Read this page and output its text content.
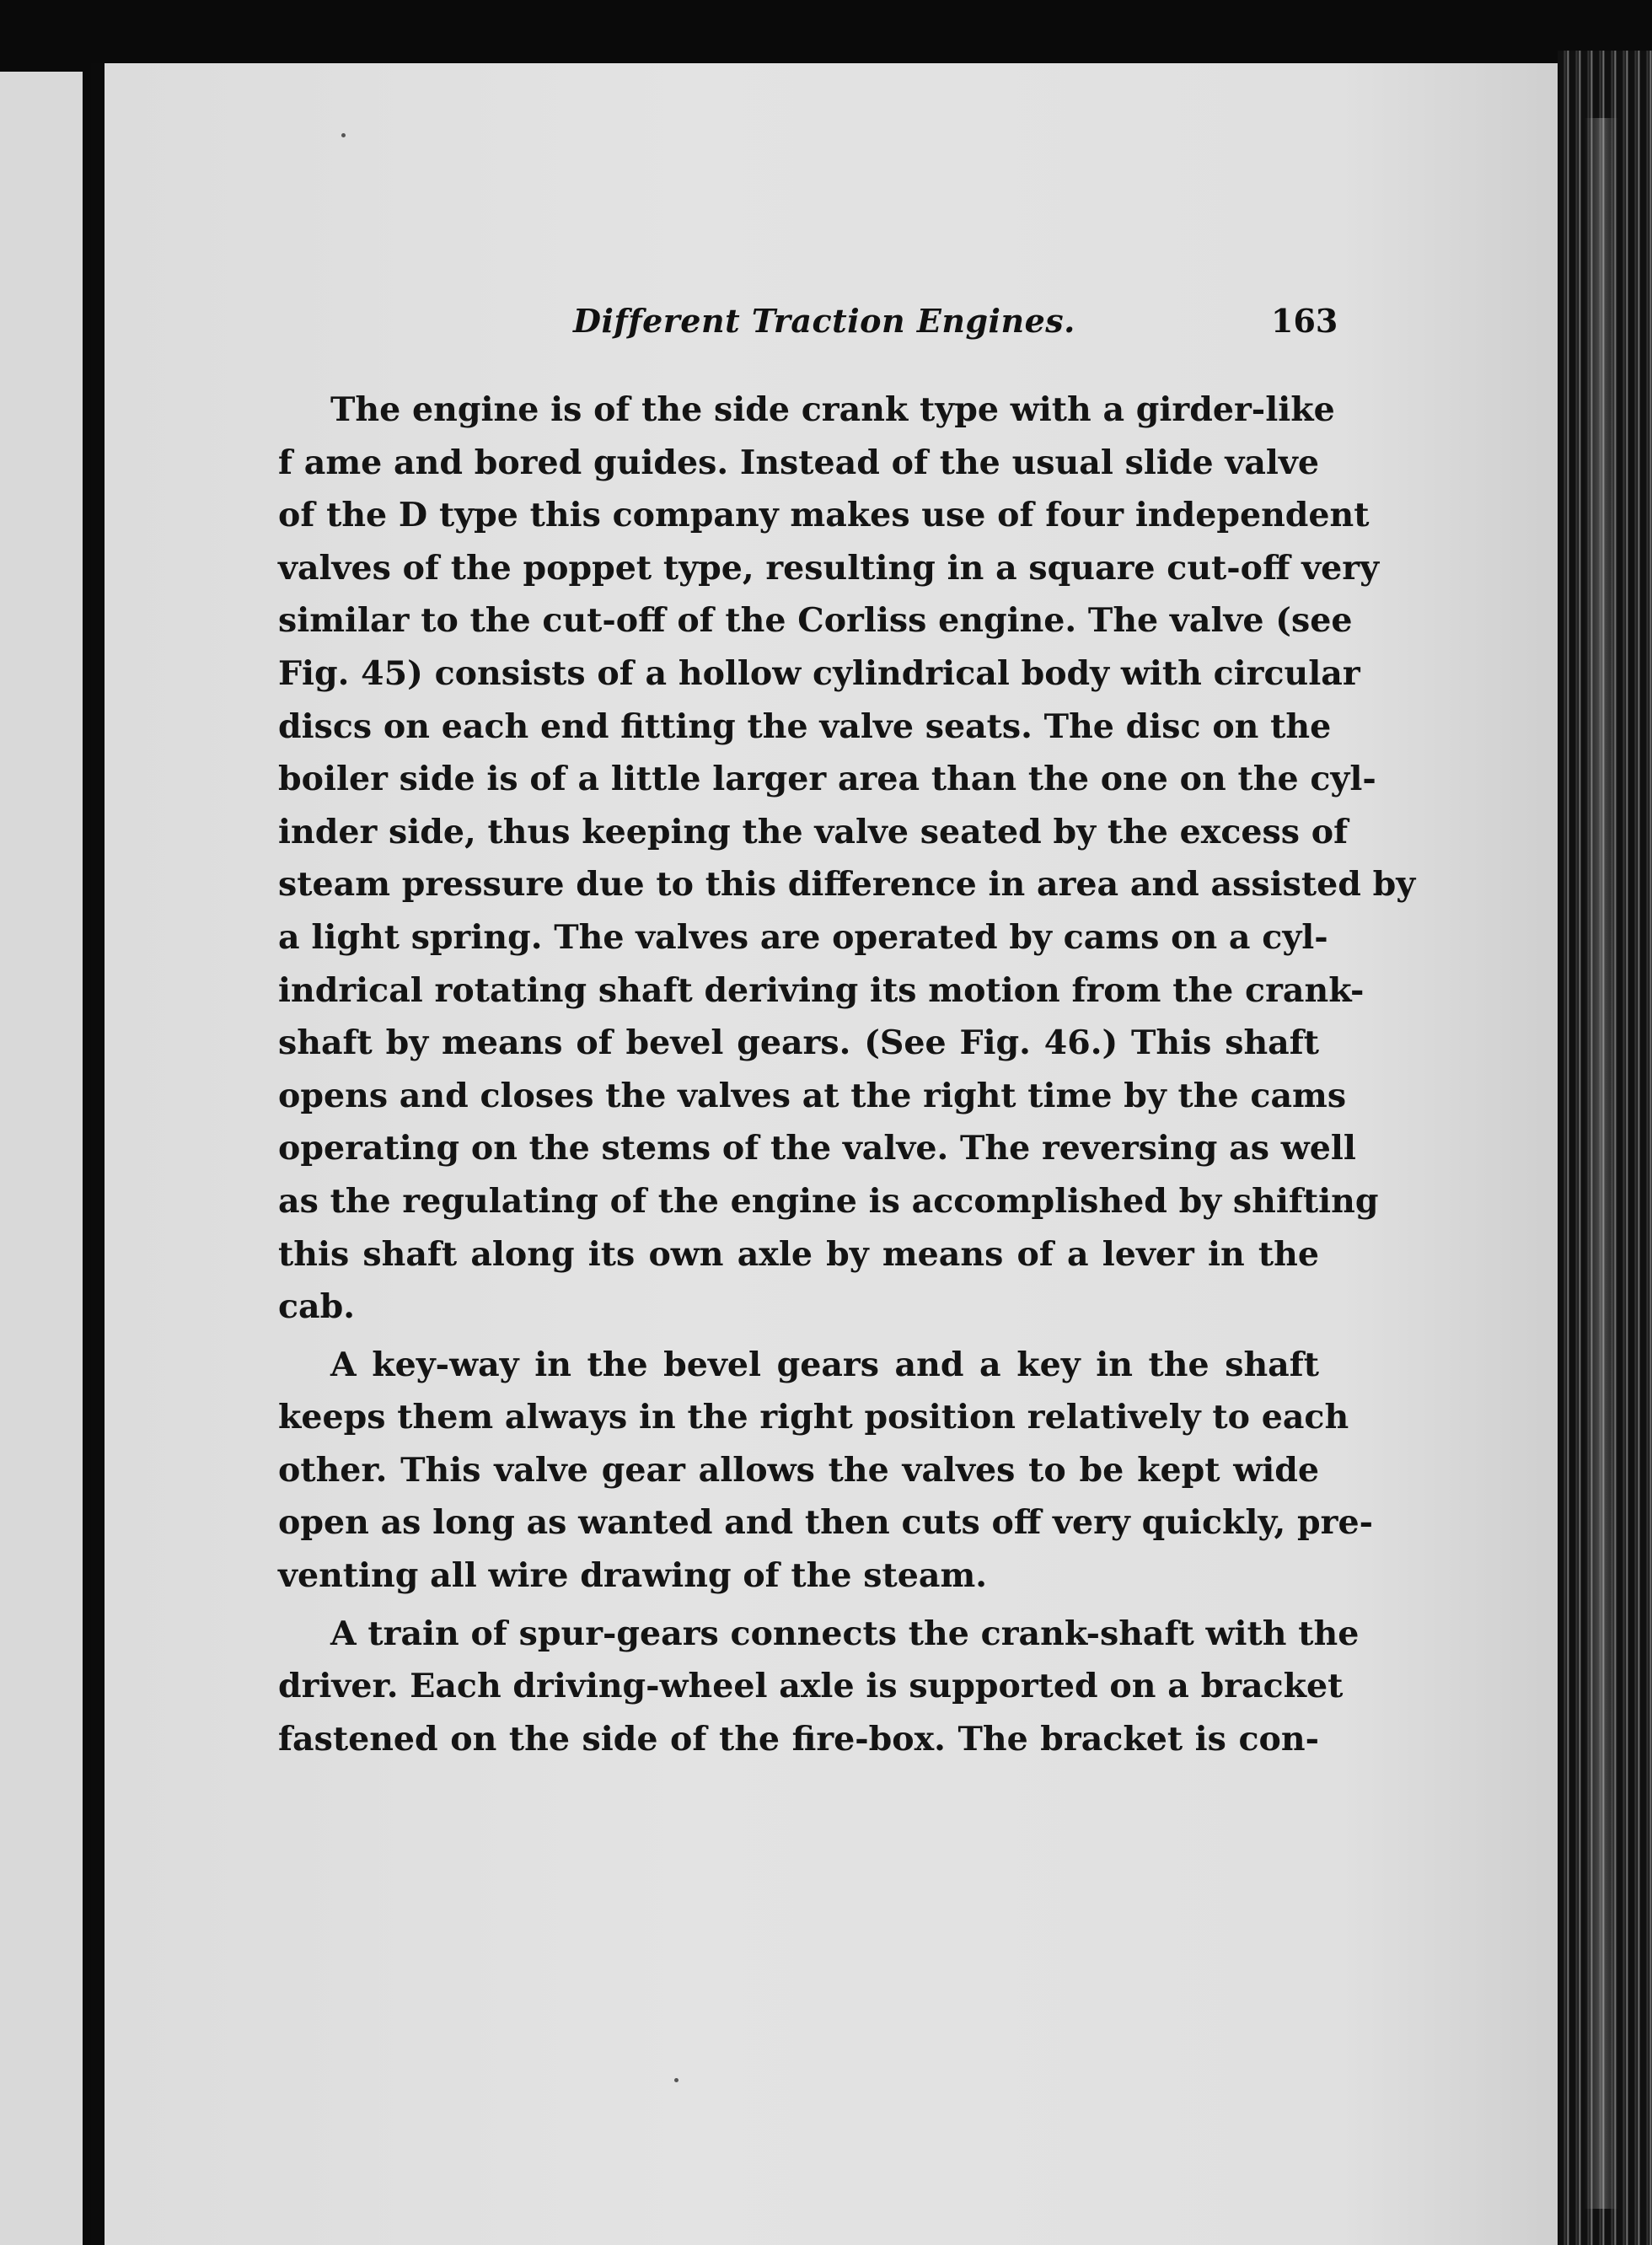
Different Traction Engines.	163
The engine is of the side crank type with a girder-like
f ame and bored guides. Instead of the usual slide valve
of the D type this company makes use of four independent
valves of the poppet type, resulting in a square cut-off very
similar to the cut-off of the Corliss engine. The valve (see
Fig. 45) consists of a hollow cylindrical body with circular
discs on each end fitting the valve seats. The disc on the
boiler side is of a little larger area than the one on the cyl-
inder side, thus keeping the valve seated by the excess of
steam pressure due to this difference in area and assisted by
a light spring. The valves are operated by cams on a cyl-
indrical rotating shaft deriving its motion from the crank-
shaft by means of bevel gears. (See Fig. 46.) This shaft
opens and closes the valves at the right time by the cams
operating on the stems of the valve. The reversing as well
as the regulating of the engine is accomplished by shifting
this shaft along its own axle by means of a lever in the
cab.
A key-way in the bevel gears and a key in the shaft
keeps them always in the right position relatively to each
other. This valve gear allows the valves to be kept wide
open as long as wanted and then cuts off very quickly, pre-
venting all wire drawing of the steam.
A train of spur-gears connects the crank-shaft with the
driver. Each driving-wheel axle is supported on a bracket
fastened on the side of the fire-box. The bracket is con-
